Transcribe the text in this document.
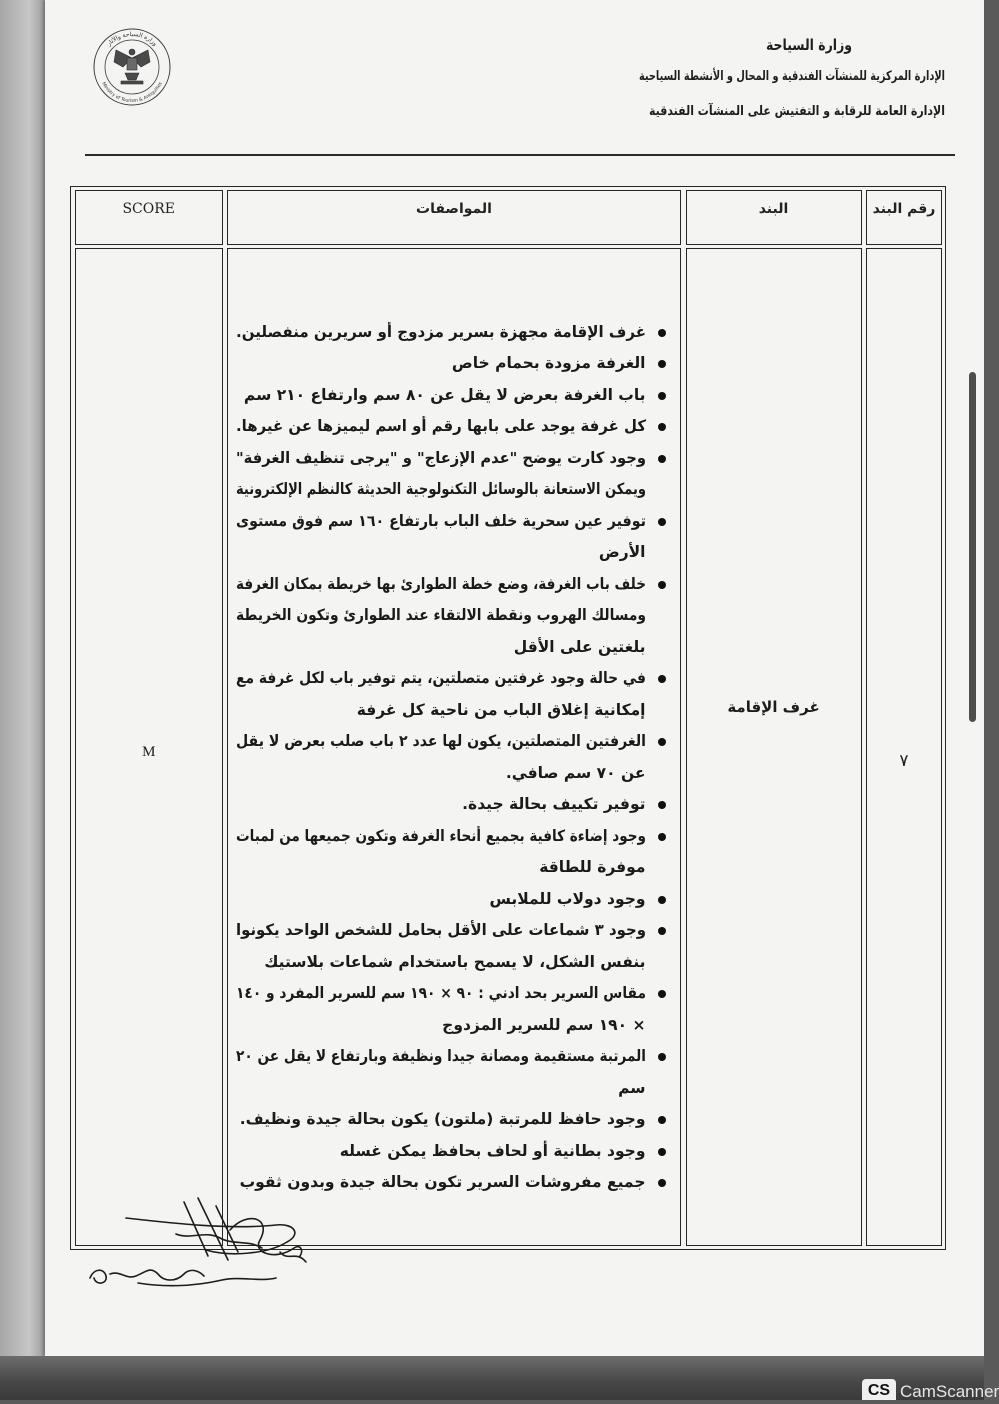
وزارة السياحة والآثار
Ministry of Tourism & Antiquities
وزارة السياحة
الإدارة المركزية للمنشآت الفندقية و المحال و الأنشطة السياحية
الإدارة العامة للرقابة و التفتيش على المنشآت الفندقية
رقم البند
البند
المواصفات
SCORE
٧
غرف الإقامة
غرف الإقامة مجهزة بسرير مزدوج أو سريرين منفصلين.
الغرفة مزودة بحمام خاص
باب الغرفة بعرض لا يقل عن ٨٠ سم وارتفاع ٢١٠ سم
كل غرفة يوجد على بابها رقم أو اسم ليميزها عن غيرها.
وجود كارت يوضح "عدم الإزعاج" و "يرجى تنظيف الغرفة"
ويمكن الاستعانة بالوسائل التكنولوجية الحديثة كالنظم الإلكترونية
توفير عين سحرية خلف الباب بارتفاع ١٦٠ سم فوق مستوى
الأرض
خلف باب الغرفة، وضع خطة الطوارئ بها خريطة بمكان الغرفة
ومسالك الهروب ونقطة الالتقاء عند الطوارئ وتكون الخريطة
بلغتين على الأقل
في حالة وجود غرفتين متصلتين، يتم توفير باب لكل غرفة مع
إمكانية إغلاق الباب من ناحية كل غرفة
الغرفتين المتصلتين، يكون لها عدد ٢ باب صلب بعرض لا يقل
عن ٧٠ سم صافي.
توفير تكييف بحالة جيدة.
وجود إضاءة كافية بجميع أنحاء الغرفة وتكون جميعها من لمبات
موفرة للطاقة
وجود دولاب للملابس
وجود ٣ شماعات على الأقل بحامل للشخص الواحد يكونوا
بنفس الشكل، لا يسمح باستخدام شماعات بلاستيك
مقاس السرير بحد ادني : ٩٠ × ١٩٠ سم للسرير المفرد و ١٤٠
× ١٩٠ سم للسرير المزدوج
المرتبة مستقيمة ومصانة جيدا ونظيفة وبارتفاع لا يقل عن ٢٠
سم
وجود حافظ للمرتبة (ملتون) يكون بحالة جيدة ونظيف.
وجود بطانية أو لحاف بحافظ يمكن غسله
جميع مفروشات السرير تكون بحالة جيدة وبدون ثقوب
M
CS CamScanner
